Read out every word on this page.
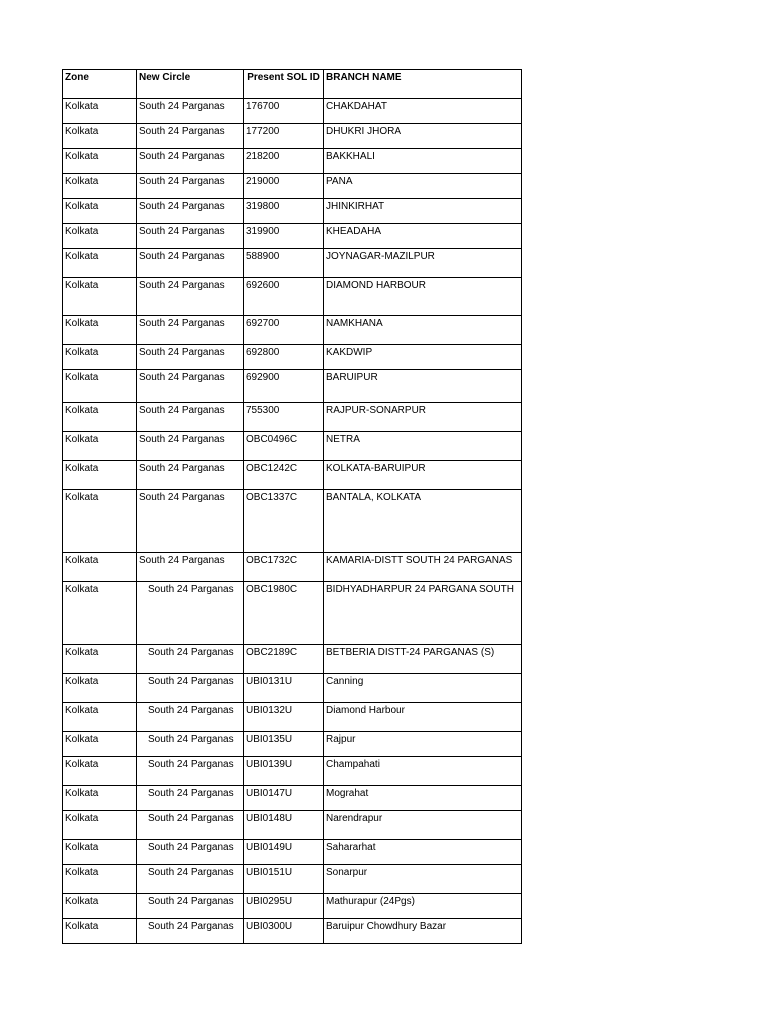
Zone	New Circle	Present SOL ID	BRANCH NAME
Kolkata	South 24 Parganas	176700	CHAKDAHAT
Kolkata	South 24 Parganas	177200	DHUKRI JHORA
Kolkata	South 24 Parganas	218200	BAKKHALI
Kolkata	South 24 Parganas	219000	PANA
Kolkata	South 24 Parganas	319800	JHINKIRHAT
Kolkata	South 24 Parganas	319900	KHEADAHA
Kolkata	South 24 Parganas	588900	JOYNAGAR-MAZILPUR
Kolkata	South 24 Parganas	692600	DIAMOND HARBOUR
Kolkata	South 24 Parganas	692700	NAMKHANA
Kolkata	South 24 Parganas	692800	KAKDWIP
Kolkata	South 24 Parganas	692900	BARUIPUR
Kolkata	South 24 Parganas	755300	RAJPUR-SONARPUR
Kolkata	South 24 Parganas	OBC0496C	NETRA
Kolkata	South 24 Parganas	OBC1242C	KOLKATA-BARUIPUR
Kolkata	South 24 Parganas	OBC1337C	BANTALA, KOLKATA
Kolkata	South 24 Parganas	OBC1732C	KAMARIA-DISTT SOUTH 24 PARGANAS
Kolkata	South 24 Parganas	OBC1980C	BIDHYADHARPUR 24 PARGANA SOUTH
Kolkata	South 24 Parganas	OBC2189C	BETBERIA DISTT-24 PARGANAS (S)
Kolkata	South 24 Parganas	UBI0131U	Canning
Kolkata	South 24 Parganas	UBI0132U	Diamond Harbour
Kolkata	South 24 Parganas	UBI0135U	Rajpur
Kolkata	South 24 Parganas	UBI0139U	Champahati
Kolkata	South 24 Parganas	UBI0147U	Mograhat
Kolkata	South 24 Parganas	UBI0148U	Narendrapur
Kolkata	South 24 Parganas	UBI0149U	Sahararhat
Kolkata	South 24 Parganas	UBI0151U	Sonarpur
Kolkata	South 24 Parganas	UBI0295U	Mathurapur (24Pgs)
Kolkata	South 24 Parganas	UBI0300U	Baruipur Chowdhury Bazar
